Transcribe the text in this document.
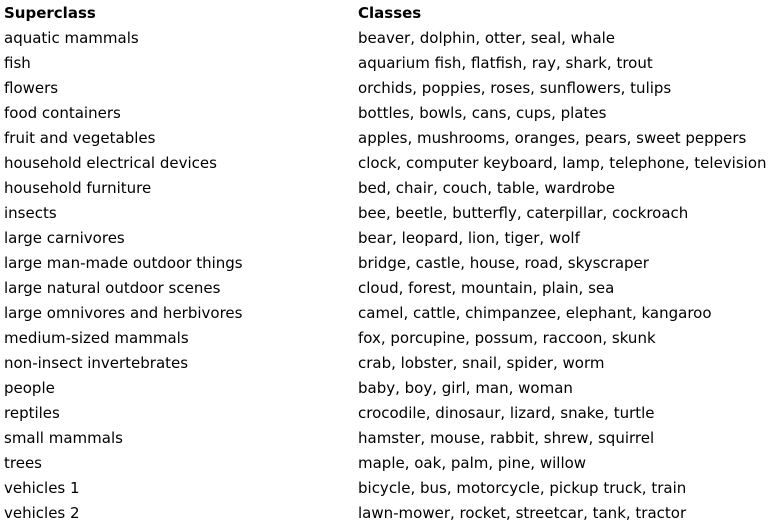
Superclass	Classes
aquatic mammals	beaver, dolphin, otter, seal, whale
fish	aquarium fish, flatfish, ray, shark, trout
flowers	orchids, poppies, roses, sunflowers, tulips
food containers	bottles, bowls, cans, cups, plates
fruit and vegetables	apples, mushrooms, oranges, pears, sweet peppers
household electrical devices	clock, computer keyboard, lamp, telephone, television
household furniture	bed, chair, couch, table, wardrobe
insects	bee, beetle, butterfly, caterpillar, cockroach
large carnivores	bear, leopard, lion, tiger, wolf
large man-made outdoor things	bridge, castle, house, road, skyscraper
large natural outdoor scenes	cloud, forest, mountain, plain, sea
large omnivores and herbivores	camel, cattle, chimpanzee, elephant, kangaroo
medium-sized mammals	fox, porcupine, possum, raccoon, skunk
non-insect invertebrates	crab, lobster, snail, spider, worm
people	baby, boy, girl, man, woman
reptiles	crocodile, dinosaur, lizard, snake, turtle
small mammals	hamster, mouse, rabbit, shrew, squirrel
trees	maple, oak, palm, pine, willow
vehicles 1	bicycle, bus, motorcycle, pickup truck, train
vehicles 2	lawn-mower, rocket, streetcar, tank, tractor
